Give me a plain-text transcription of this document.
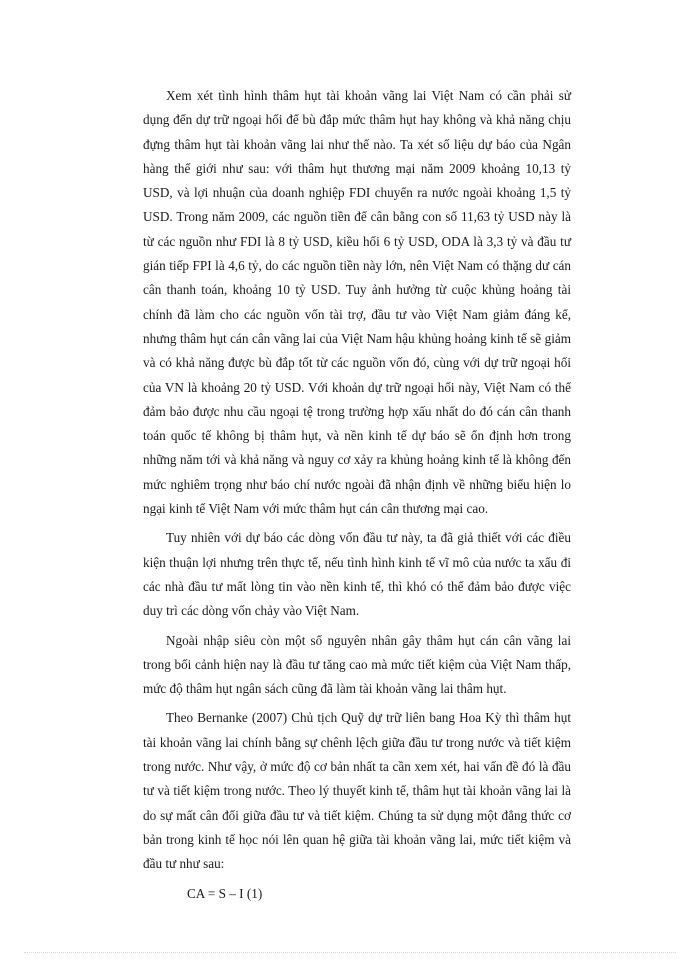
Xem xét tình hình thâm hụt tài khoản vãng lai Việt Nam có cần phải sử dụng đến dự trữ ngoại hối để bù đắp mức thâm hụt hay không và khả năng chịu đựng thâm hụt tài khoản vãng lai như thế nào. Ta xét số liệu dự báo của Ngân hàng thế giới như sau: với thâm hụt thương mại năm 2009 khoảng 10,13 tỷ USD, và lợi nhuận của doanh nghiệp FDI chuyển ra nước ngoài khoảng 1,5 tỷ USD. Trong năm 2009, các nguồn tiền để cân bằng con số 11,63 tỷ USD này là từ các nguồn như FDI là 8 tỷ USD, kiều hối 6 tỷ USD, ODA là 3,3 tỷ và đầu tư gián tiếp FPI là 4,6 tỷ, do các nguồn tiền này lớn, nên Việt Nam có thặng dư cán cân thanh toán, khoảng 10 tỷ USD. Tuy ảnh hưởng từ cuộc khủng hoảng tài chính đã làm cho các nguồn vốn tài trợ, đầu tư vào Việt Nam giảm đáng kể, nhưng thâm hụt cán cân vãng lai của Việt Nam hậu khủng hoảng kinh tế sẽ giảm và có khả năng được bù đắp tốt từ các nguồn vốn đó, cùng với dự trữ ngoại hối của VN là khoảng 20 tỷ USD. Với khoản dự trữ ngoại hối này, Việt Nam có thể đảm bảo được nhu cầu ngoại tệ trong trường hợp xấu nhất do đó cán cân thanh toán quốc tế không bị thâm hụt, và nền kinh tế dự báo sẽ ổn định hơn trong những năm tới và khả năng và nguy cơ xảy ra khủng hoảng kinh tế là không đến mức nghiêm trọng như báo chí nước ngoài đã nhận định về những biểu hiện lo ngại kinh tế Việt Nam với mức thâm hụt cán cân thương mại cao.

Tuy nhiên với dự báo các dòng vốn đầu tư này, ta đã giả thiết với các điều kiện thuận lợi nhưng trên thực tế, nếu tình hình kinh tế vĩ mô của nước ta xấu đi các nhà đầu tư mất lòng tin vào nền kinh tế, thì khó có thể đảm bảo được việc duy trì các dòng vốn chảy vào Việt Nam.

Ngoài nhập siêu còn một số nguyên nhân gây thâm hụt cán cân vãng lai trong bối cảnh hiện nay là đầu tư tăng cao mà mức tiết kiệm của Việt Nam thấp, mức độ thâm hụt ngân sách cũng đã làm tài khoản vãng lai thâm hụt.

Theo Bernanke (2007) Chủ tịch Quỹ dự trữ liên bang Hoa Kỳ thì thâm hụt tài khoản vãng lai chính bằng sự chênh lệch giữa đầu tư trong nước và tiết kiệm trong nước. Như vậy, ở mức độ cơ bản nhất ta cần xem xét, hai vấn đề đó là đầu tư và tiết kiệm trong nước. Theo lý thuyết kinh tế, thâm hụt tài khoản vãng lai là do sự mất cân đối giữa đầu tư và tiết kiệm. Chúng ta sử dụng một đẳng thức cơ bản trong kinh tế học nói lên quan hệ giữa tài khoản vãng lai, mức tiết kiệm và đầu tư như sau:

CA = S – I (1)
